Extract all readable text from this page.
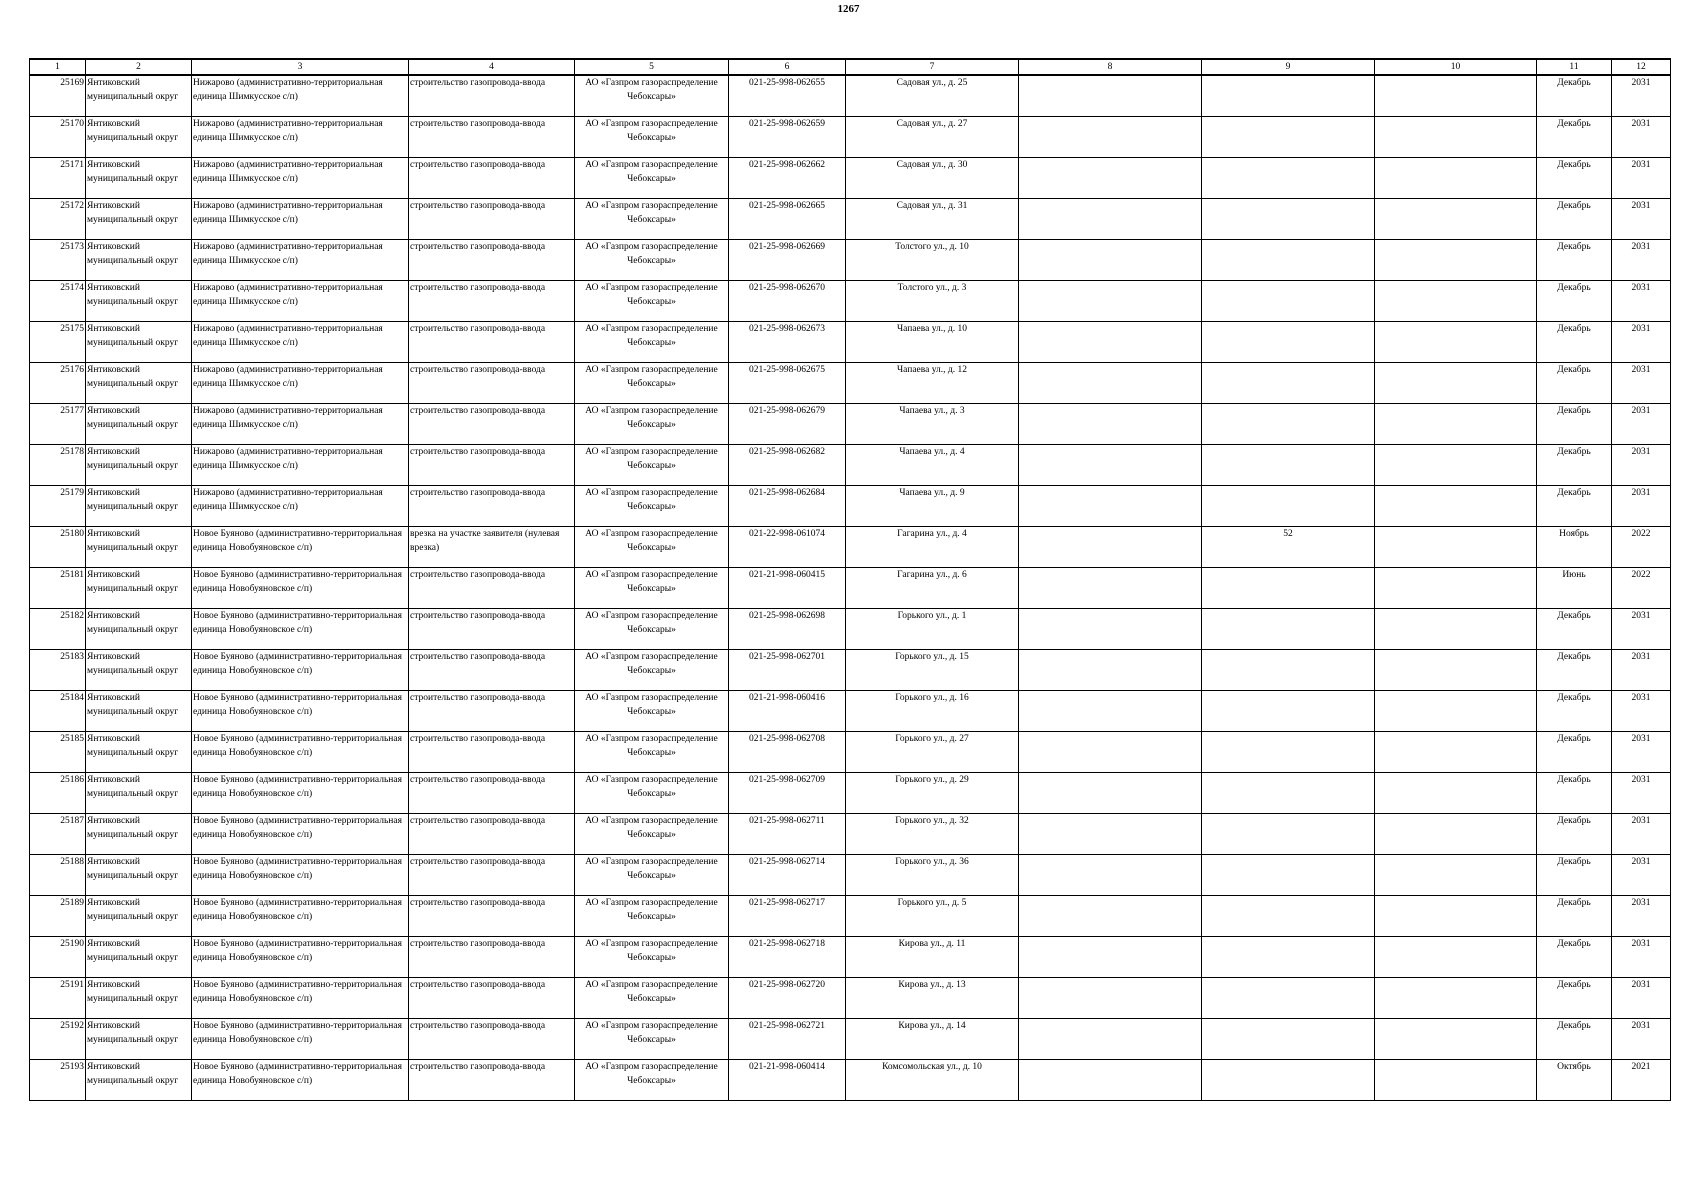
1267
1	2	3	4	5	6	7	8	9	10	11	12

25169	Янтиковский муниципальный округ	Нижарово (административно-территориальная единица Шимкусское с/п)	строительство газопровода-ввода	АО «Газпром газораспределение Чебоксары»	021-25-998-062655	Садовая ул., д. 25				Декабрь	2031

25170	Янтиковский муниципальный округ	Нижарово (административно-территориальная единица Шимкусское с/п)	строительство газопровода-ввода	АО «Газпром газораспределение Чебоксары»	021-25-998-062659	Садовая ул., д. 27				Декабрь	2031

25171	Янтиковский муниципальный округ	Нижарово (административно-территориальная единица Шимкусское с/п)	строительство газопровода-ввода	АО «Газпром газораспределение Чебоксары»	021-25-998-062662	Садовая ул., д. 30				Декабрь	2031

25172	Янтиковский муниципальный округ	Нижарово (административно-территориальная единица Шимкусское с/п)	строительство газопровода-ввода	АО «Газпром газораспределение Чебоксары»	021-25-998-062665	Садовая ул., д. 31				Декабрь	2031

25173	Янтиковский муниципальный округ	Нижарово (административно-территориальная единица Шимкусское с/п)	строительство газопровода-ввода	АО «Газпром газораспределение Чебоксары»	021-25-998-062669	Толстого ул., д. 10				Декабрь	2031

25174	Янтиковский муниципальный округ	Нижарово (административно-территориальная единица Шимкусское с/п)	строительство газопровода-ввода	АО «Газпром газораспределение Чебоксары»	021-25-998-062670	Толстого ул., д. 3				Декабрь	2031

25175	Янтиковский муниципальный округ	Нижарово (административно-территориальная единица Шимкусское с/п)	строительство газопровода-ввода	АО «Газпром газораспределение Чебоксары»	021-25-998-062673	Чапаева ул., д. 10				Декабрь	2031

25176	Янтиковский муниципальный округ	Нижарово (административно-территориальная единица Шимкусское с/п)	строительство газопровода-ввода	АО «Газпром газораспределение Чебоксары»	021-25-998-062675	Чапаева ул., д. 12				Декабрь	2031

25177	Янтиковский муниципальный округ	Нижарово (административно-территориальная единица Шимкусское с/п)	строительство газопровода-ввода	АО «Газпром газораспределение Чебоксары»	021-25-998-062679	Чапаева ул., д. 3				Декабрь	2031

25178	Янтиковский муниципальный округ	Нижарово (административно-территориальная единица Шимкусское с/п)	строительство газопровода-ввода	АО «Газпром газораспределение Чебоксары»	021-25-998-062682	Чапаева ул., д. 4				Декабрь	2031

25179	Янтиковский муниципальный округ	Нижарово (административно-территориальная единица Шимкусское с/п)	строительство газопровода-ввода	АО «Газпром газораспределение Чебоксары»	021-25-998-062684	Чапаева ул., д. 9				Декабрь	2031

25180	Янтиковский муниципальный округ	Новое Буяново (административно-территориальная единица Новобуяновское с/п)	врезка на участке заявителя (нулевая врезка)	АО «Газпром газораспределение Чебоксары»	021-22-998-061074	Гагарина ул., д. 4		52		Ноябрь	2022

25181	Янтиковский муниципальный округ	Новое Буяново (административно-территориальная единица Новобуяновское с/п)	строительство газопровода-ввода	АО «Газпром газораспределение Чебоксары»	021-21-998-060415	Гагарина ул., д. 6				Июнь	2022

25182	Янтиковский муниципальный округ	Новое Буяново (административно-территориальная единица Новобуяновское с/п)	строительство газопровода-ввода	АО «Газпром газораспределение Чебоксары»	021-25-998-062698	Горького ул., д. 1				Декабрь	2031

25183	Янтиковский муниципальный округ	Новое Буяново (административно-территориальная единица Новобуяновское с/п)	строительство газопровода-ввода	АО «Газпром газораспределение Чебоксары»	021-25-998-062701	Горького ул., д. 15				Декабрь	2031

25184	Янтиковский муниципальный округ	Новое Буяново (административно-территориальная единица Новобуяновское с/п)	строительство газопровода-ввода	АО «Газпром газораспределение Чебоксары»	021-21-998-060416	Горького ул., д. 16				Декабрь	2031

25185	Янтиковский муниципальный округ	Новое Буяново (административно-территориальная единица Новобуяновское с/п)	строительство газопровода-ввода	АО «Газпром газораспределение Чебоксары»	021-25-998-062708	Горького ул., д. 27				Декабрь	2031

25186	Янтиковский муниципальный округ	Новое Буяново (административно-территориальная единица Новобуяновское с/п)	строительство газопровода-ввода	АО «Газпром газораспределение Чебоксары»	021-25-998-062709	Горького ул., д. 29				Декабрь	2031

25187	Янтиковский муниципальный округ	Новое Буяново (административно-территориальная единица Новобуяновское с/п)	строительство газопровода-ввода	АО «Газпром газораспределение Чебоксары»	021-25-998-062711	Горького ул., д. 32				Декабрь	2031

25188	Янтиковский муниципальный округ	Новое Буяново (административно-территориальная единица Новобуяновское с/п)	строительство газопровода-ввода	АО «Газпром газораспределение Чебоксары»	021-25-998-062714	Горького ул., д. 36				Декабрь	2031

25189	Янтиковский муниципальный округ	Новое Буяново (административно-территориальная единица Новобуяновское с/п)	строительство газопровода-ввода	АО «Газпром газораспределение Чебоксары»	021-25-998-062717	Горького ул., д. 5				Декабрь	2031

25190	Янтиковский муниципальный округ	Новое Буяново (административно-территориальная единица Новобуяновское с/п)	строительство газопровода-ввода	АО «Газпром газораспределение Чебоксары»	021-25-998-062718	Кирова ул., д. 11				Декабрь	2031

25191	Янтиковский муниципальный округ	Новое Буяново (административно-территориальная единица Новобуяновское с/п)	строительство газопровода-ввода	АО «Газпром газораспределение Чебоксары»	021-25-998-062720	Кирова ул., д. 13				Декабрь	2031

25192	Янтиковский муниципальный округ	Новое Буяново (административно-территориальная единица Новобуяновское с/п)	строительство газопровода-ввода	АО «Газпром газораспределение Чебоксары»	021-25-998-062721	Кирова ул., д. 14				Декабрь	2031

25193	Янтиковский муниципальный округ	Новое Буяново (административно-территориальная единица Новобуяновское с/п)	строительство газопровода-ввода	АО «Газпром газораспределение Чебоксары»	021-21-998-060414	Комсомольская ул., д. 10				Октябрь	2021
